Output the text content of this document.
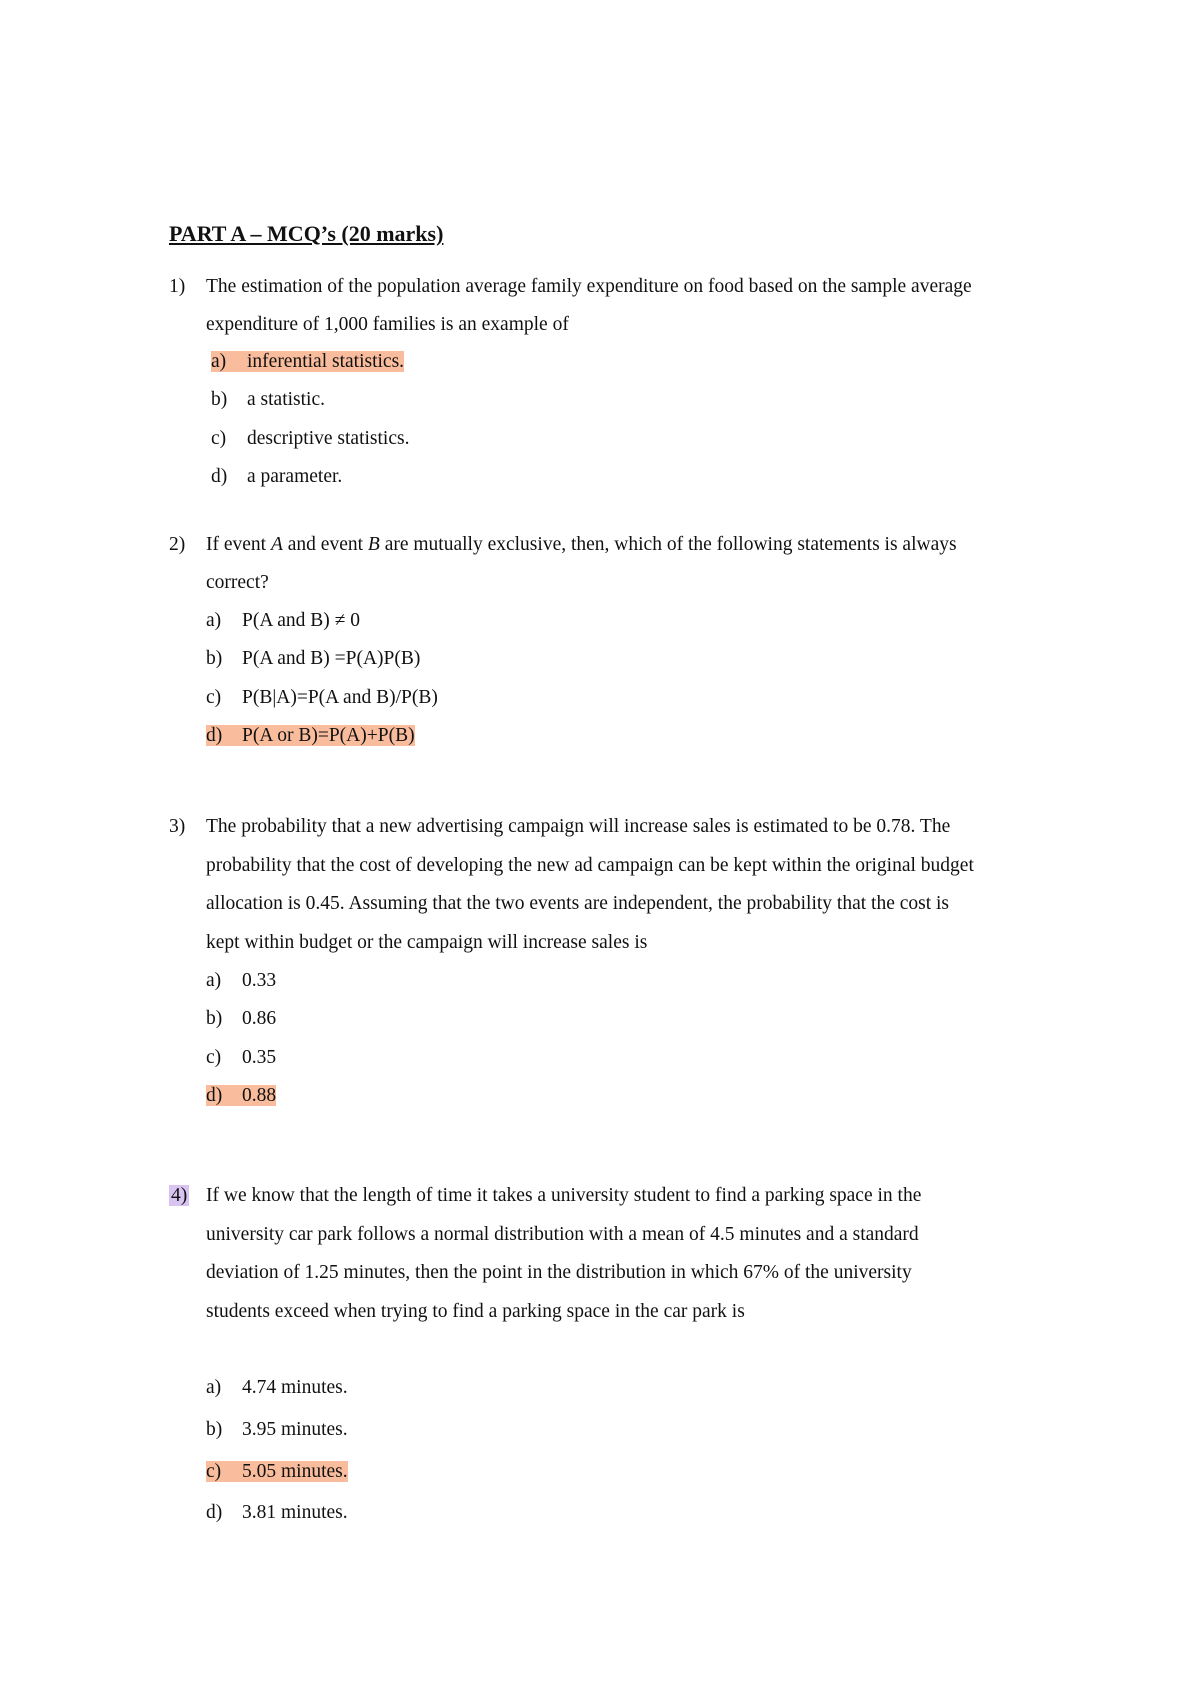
PART A – MCQ’s (20 marks)
1) The estimation of the population average family expenditure on food based on the sample average
expenditure of 1,000 families is an example of
a) inferential statistics.
b) a statistic.
c) descriptive statistics.
d) a parameter.
2) If event A and event B are mutually exclusive, then, which of the following statements is always
correct?
a) P(A and B) ≠ 0
b) P(A and B) =P(A)P(B)
c) P(B|A)=P(A and B)/P(B)
d) P(A or B)=P(A)+P(B)
3) The probability that a new advertising campaign will increase sales is estimated to be 0.78. The
probability that the cost of developing the new ad campaign can be kept within the original budget
allocation is 0.45. Assuming that the two events are independent, the probability that the cost is
kept within budget or the campaign will increase sales is
a) 0.33
b) 0.86
c) 0.35
d) 0.88
4) If we know that the length of time it takes a university student to find a parking space in the
university car park follows a normal distribution with a mean of 4.5 minutes and a standard
deviation of 1.25 minutes, then the point in the distribution in which 67% of the university
students exceed when trying to find a parking space in the car park is
a) 4.74 minutes.
b) 3.95 minutes.
c) 5.05 minutes.
d) 3.81 minutes.
